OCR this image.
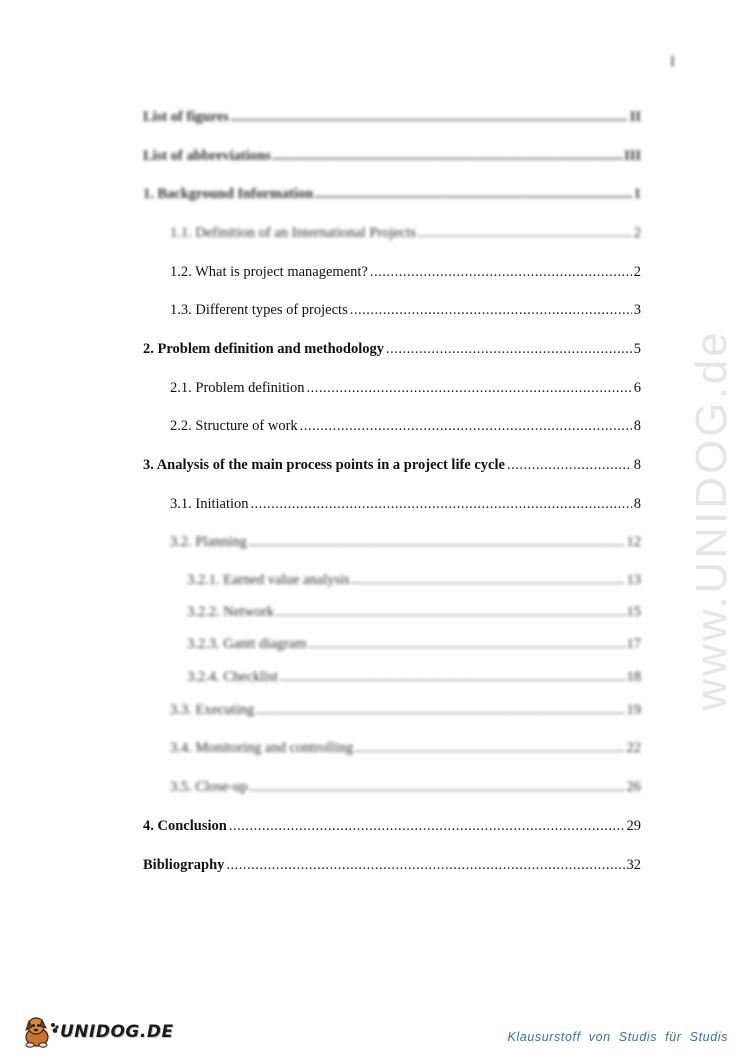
I
www.UNIDOG.de
List of figures .....	II
List of abbreviations .....	III
1. Background Information .....	1
1.1. Definition of an International Projects .....	2
1.2. What is project management? .....	2
1.3. Different types of projects .....	3
2. Problem definition and methodology .....	5
2.1. Problem definition .....	6
2.2. Structure of work .....	8
3. Analysis of the main process points in a project life cycle .....	8
3.1. Initiation .....	8
3.2. Planning .....	12
3.2.1. Earned value analysis .....	13
3.2.2. Network .....	15
3.2.3. Gantt diagram .....	17
3.2.4. Checklist .....	18
3.3. Executing .....	19
3.4. Monitoring and controlling .....	22
3.5. Close-up .....	26
4. Conclusion .....	29
Bibliography .....	32
UNIDOG.DE	Klausurstoff von Studis für Studis
